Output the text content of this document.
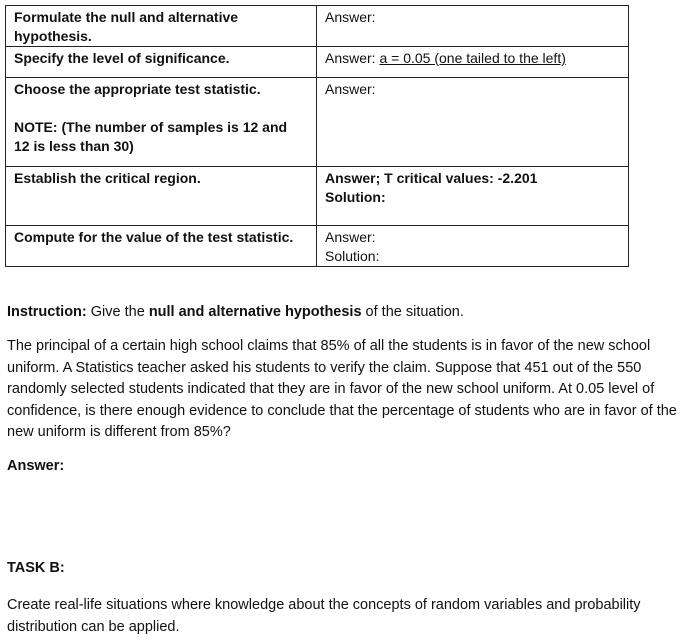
Formulate the null and alternative hypothesis.	Answer:
Specify the level of significance.	Answer: a = 0.05 (one tailed to the left)

Choose the appropriate test statistic.
NOTE: (The number of samples is 12 and
12 is less than 30)	Answer:
Establish the critical region.	Answer; T critical values: -2.201
Solution:

Compute for the value of the test statistic.	Answer:
Solution:

Instruction: Give the null and alternative hypothesis of the situation.

The principal of a certain high school claims that 85% of all the students is in favor of the new school uniform. A Statistics teacher asked his students to verify the claim. Suppose that 451 out of the 550 randomly selected students indicated that they are in favor of the new school uniform. At 0.05 level of confidence, is there enough evidence to conclude that the percentage of students who are in favor of the new uniform is different from 85%?

Answer:

TASK B:

Create real-life situations where knowledge about the concepts of random variables and probability distribution can be applied.
